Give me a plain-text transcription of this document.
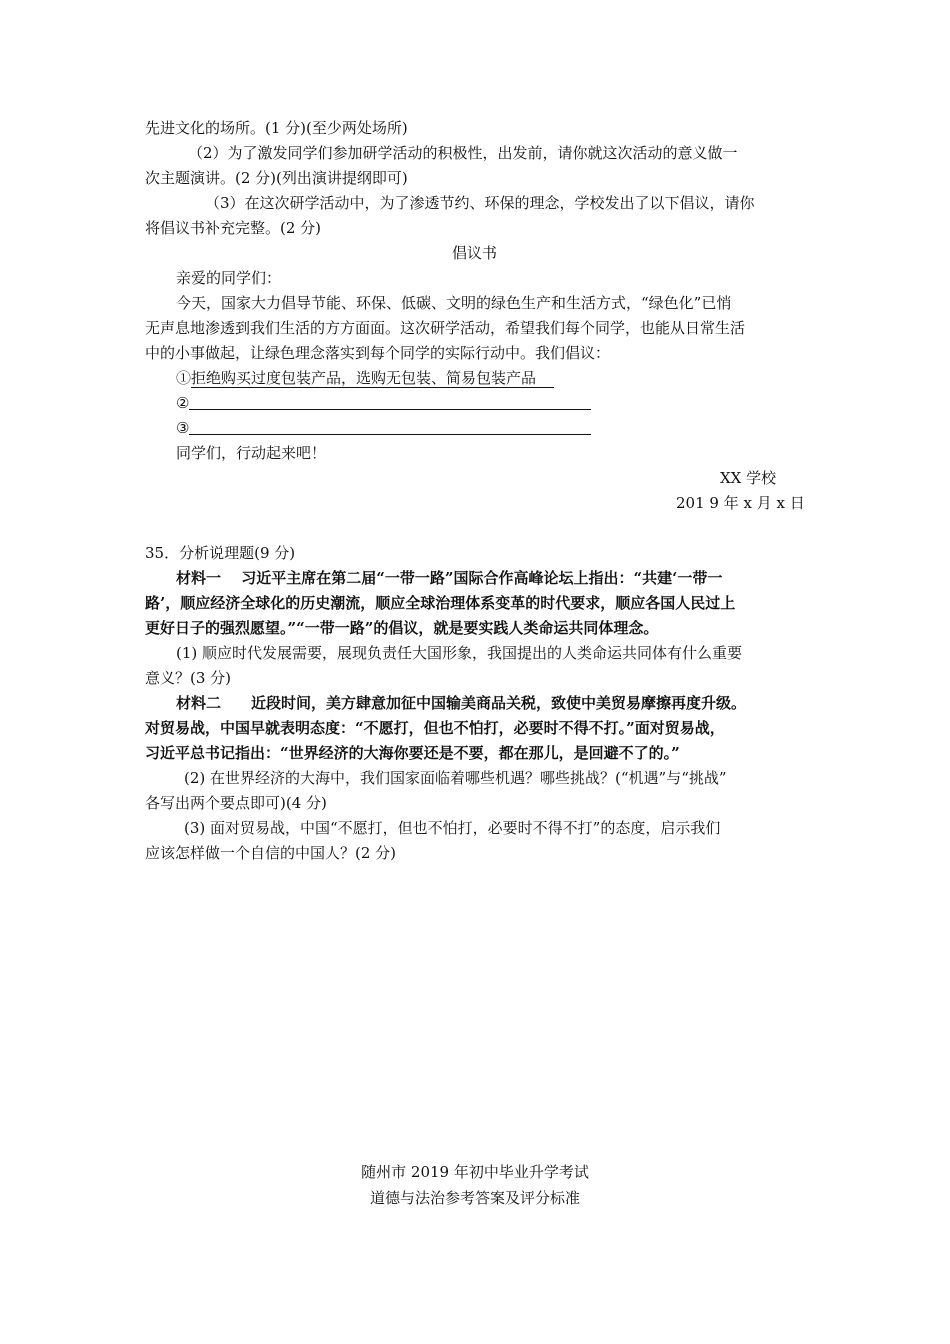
先进文化的场所。(1 分)(至少两处场所)
（2）为了激发同学们参加研学活动的积极性，出发前，请你就这次活动的意义做一
次主题演讲。(2 分)(列出演讲提纲即可)
（3）在这次研学活动中，为了渗透节约、环保的理念，学校发出了以下倡议，请你
将倡议书补充完整。(2 分)
倡议书
亲爱的同学们：
今天，国家大力倡导节能、环保、低碳、文明的绿色生产和生活方式，“绿色化”已悄
无声息地渗透到我们生活的方方面面。这次研学活动，希望我们每个同学，也能从日常生活
中的小事做起，让绿色理念落实到每个同学的实际行动中。我们倡议：
①拒绝购买过度包装产品，选购无包装、简易包装产品
②
③
同学们，行动起来吧！
XX 学校
201 9 年 x 月 x 日
35．分析说理题(9 分)
材料一　 习近平主席在第二届“一带一路”国际合作高峰论坛上指出：“共建‘一带一
路’，顺应经济全球化的历史潮流，顺应全球治理体系变革的时代要求，顺应各国人民过上
更好日子的强烈愿望。”“一带一路”的倡议，就是要实践人类命运共同体理念。
(1) 顺应时代发展需要，展现负责任大国形象，我国提出的人类命运共同体有什么重要
意义？(3 分)
材料二　　近段时间，美方肆意加征中国输美商品关税，致使中美贸易摩擦再度升级。
对贸易战，中国早就表明态度：“不愿打，但也不怕打，必要时不得不打。”面对贸易战，
习近平总书记指出：“世界经济的大海你要还是不要，都在那儿，是回避不了的。”
(2) 在世界经济的大海中，我们国家面临着哪些机遇？哪些挑战？(“机遇”与“挑战”
各写出两个要点即可)(4 分)
(3) 面对贸易战，中国“不愿打，但也不怕打，必要时不得不打”的态度，启示我们
应该怎样做一个自信的中国人？(2 分)
随州市 2019 年初中毕业升学考试
道德与法治参考答案及评分标准
